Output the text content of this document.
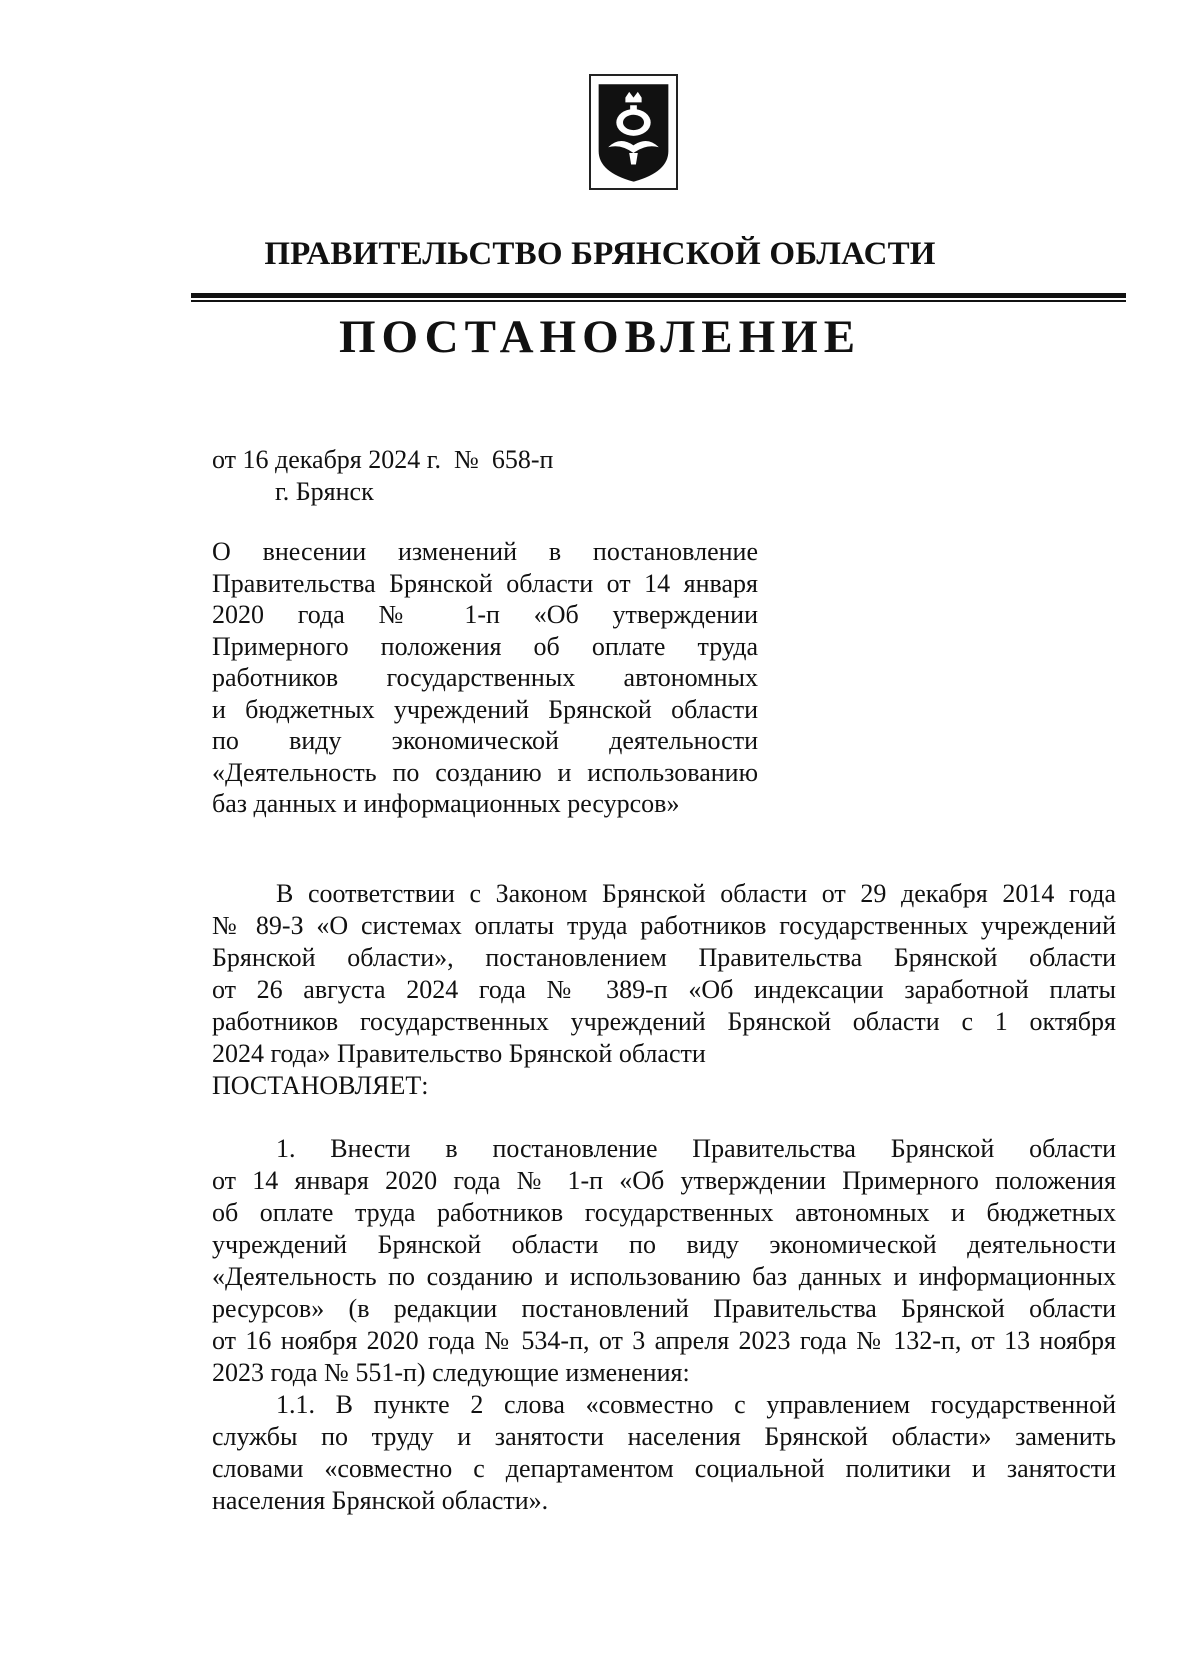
ПРАВИТЕЛЬСТВО БРЯНСКОЙ ОБЛАСТИ
ПОСТАНОВЛЕНИЕ
от 16 декабря 2024 г. № 658-п
г. Брянск
О внесении изменений в постановление
Правительства Брянской области от 14 января
2020 года № 1-п «Об утверждении
Примерного положения об оплате труда
работников государственных автономных
и бюджетных учреждений Брянской области
по виду экономической деятельности
«Деятельность по созданию и использованию
баз данных и информационных ресурсов»
В соответствии с Законом Брянской области от 29 декабря 2014 года
№ 89-З «О системах оплаты труда работников государственных учреждений
Брянской области», постановлением Правительства Брянской области
от 26 августа 2024 года № 389-п «Об индексации заработной платы
работников государственных учреждений Брянской области с 1 октября
2024 года» Правительство Брянской области
ПОСТАНОВЛЯЕТ:
1. Внести в постановление Правительства Брянской области
от 14 января 2020 года № 1-п «Об утверждении Примерного положения
об оплате труда работников государственных автономных и бюджетных
учреждений Брянской области по виду экономической деятельности
«Деятельность по созданию и использованию баз данных и информационных
ресурсов» (в редакции постановлений Правительства Брянской области
от 16 ноября 2020 года № 534-п, от 3 апреля 2023 года № 132-п, от 13 ноября
2023 года № 551-п) следующие изменения:
1.1. В пункте 2 слова «совместно с управлением государственной
службы по труду и занятости населения Брянской области» заменить
словами «совместно с департаментом социальной политики и занятости
населения Брянской области».
